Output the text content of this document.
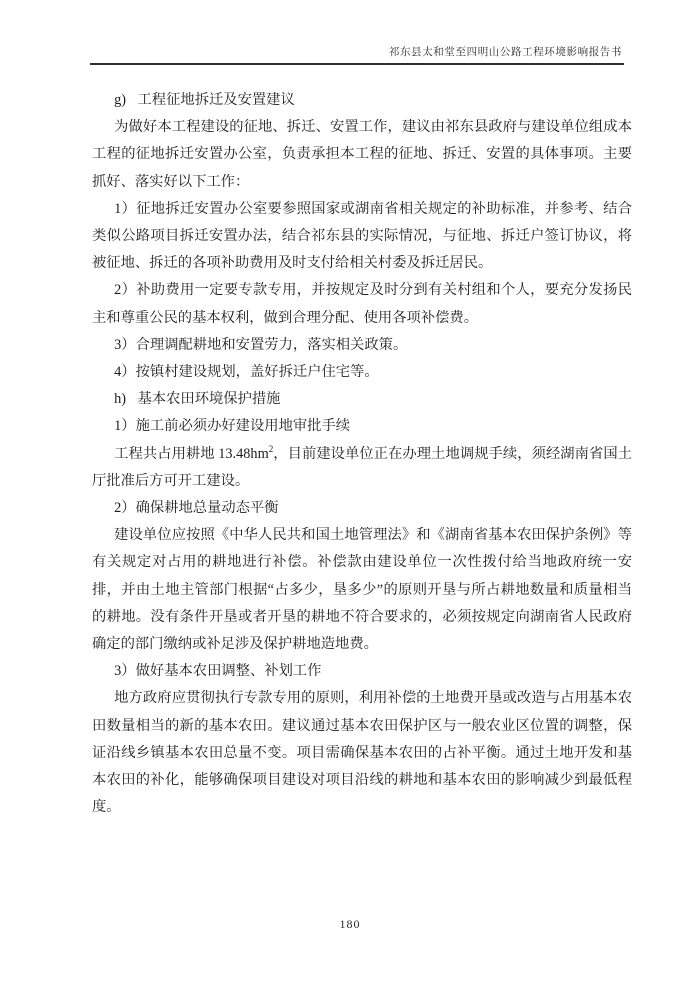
祁东县太和堂至四明山公路工程环境影响报告书

g) 工程征地拆迁及安置建议

为做好本工程建设的征地、拆迁、安置工作，建议由祁东县政府与建设单位组成本工程的征地拆迁安置办公室，负责承担本工程的征地、拆迁、安置的具体事项。主要抓好、落实好以下工作：

1）征地拆迁安置办公室要参照国家或湖南省相关规定的补助标准，并参考、结合类似公路项目拆迁安置办法，结合祁东县的实际情况，与征地、拆迁户签订协议，将被征地、拆迁的各项补助费用及时支付给相关村委及拆迁居民。

2）补助费用一定要专款专用，并按规定及时分到有关村组和个人，要充分发扬民主和尊重公民的基本权利，做到合理分配、使用各项补偿费。

3）合理调配耕地和安置劳力，落实相关政策。

4）按镇村建设规划，盖好拆迁户住宅等。

h) 基本农田环境保护措施

1）施工前必须办好建设用地审批手续

工程共占用耕地 $13.48hm^2$，目前建设单位正在办理土地调规手续，须经湖南省国土厅批准后方可开工建设。

2）确保耕地总量动态平衡

建设单位应按照《中华人民共和国土地管理法》和《湖南省基本农田保护条例》等有关规定对占用的耕地进行补偿。补偿款由建设单位一次性拨付给当地政府统一安排，并由土地主管部门根据“占多少，垦多少”的原则开垦与所占耕地数量和质量相当的耕地。没有条件开垦或者开垦的耕地不符合要求的，必须按规定向湖南省人民政府确定的部门缴纳或补足涉及保护耕地造地费。

3）做好基本农田调整、补划工作

地方政府应贯彻执行专款专用的原则，利用补偿的土地费开垦或改造与占用基本农田数量相当的新的基本农田。建议通过基本农田保护区与一般农业区位置的调整，保证沿线乡镇基本农田总量不变。项目需确保基本农田的占补平衡。通过土地开发和基本农田的补化，能够确保项目建设对项目沿线的耕地和基本农田的影响减少到最低程度。

180
